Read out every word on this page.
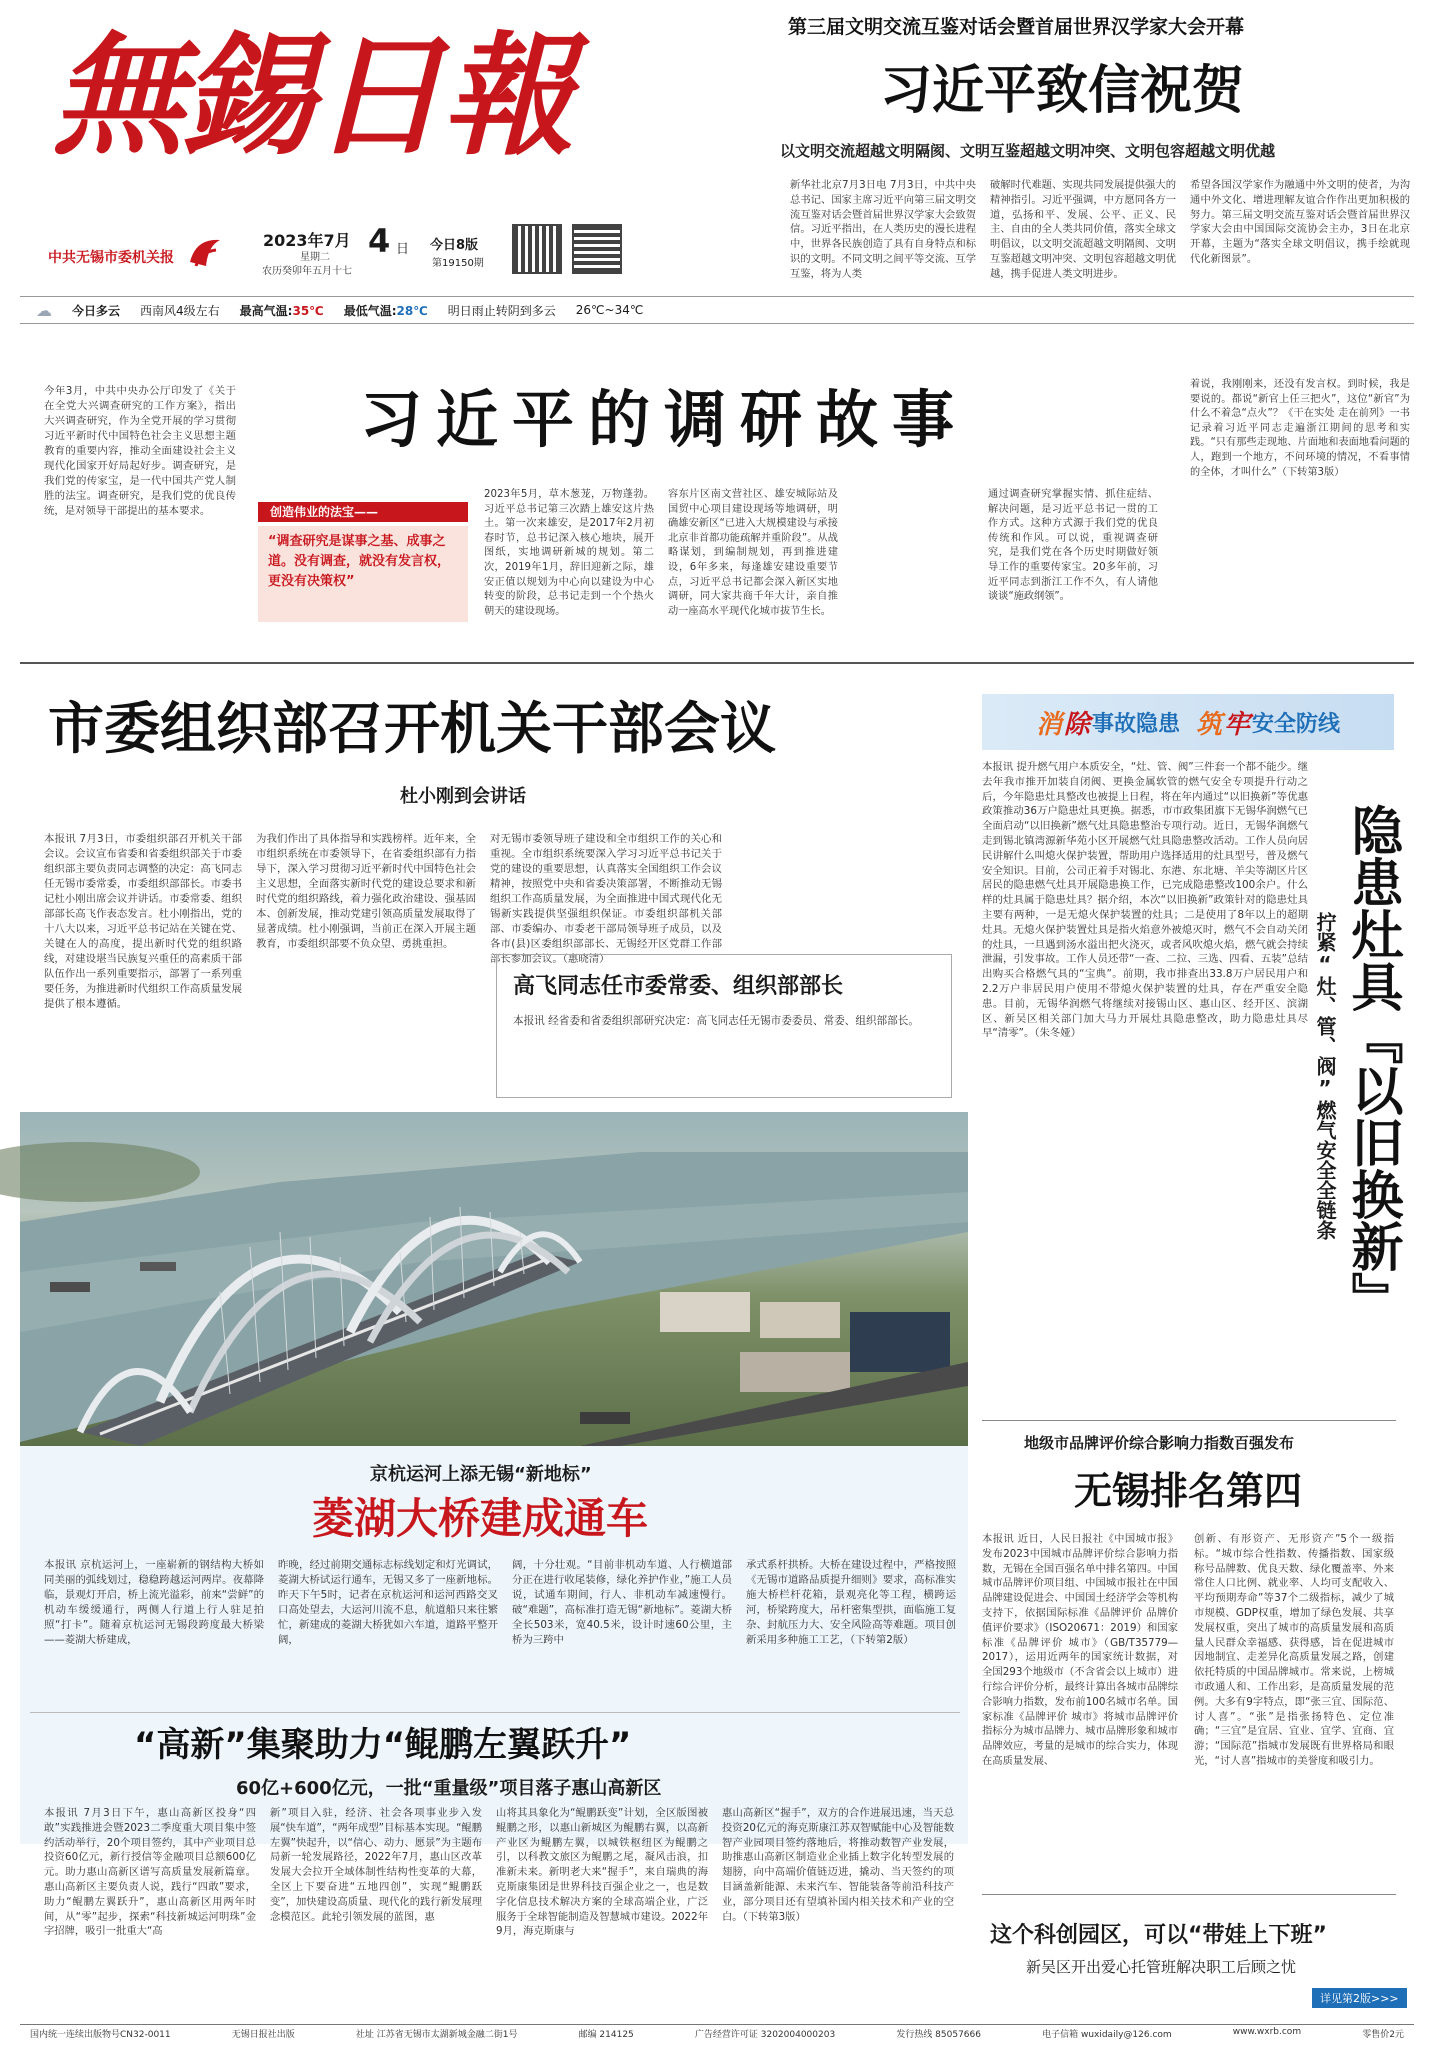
無錫日報
中共无锡市委机关报
2023年7月 4 日
星期二
农历癸卯年五月十七
今日8版
第19150期
第三届文明交流互鉴对话会暨首届世界汉学家大会开幕
习近平致信祝贺
以文明交流超越文明隔阂、文明互鉴超越文明冲突、文明包容超越文明优越
新华社北京7月3日电 7月3日，中共中央总书记、国家主席习近平向第三届文明交流互鉴对话会暨首届世界汉学家大会致贺信。习近平指出，在人类历史的漫长进程中，世界各民族创造了具有自身特点和标识的文明。不同文明之间平等交流、互学互鉴，将为人类
破解时代难题、实现共同发展提供强大的精神指引。习近平强调，中方愿同各方一道，弘扬和平、发展、公平、正义、民主、自由的全人类共同价值，落实全球文明倡议，以文明交流超越文明隔阂、文明互鉴超越文明冲突、文明包容超越文明优越，携手促进人类文明进步。
希望各国汉学家作为融通中外文明的使者，为沟通中外文化、增进理解友谊合作作出更加积极的努力。第三届文明交流互鉴对话会暨首届世界汉学家大会由中国国际交流协会主办，3日在北京开幕，主题为“落实全球文明倡议，携手绘就现代化新图景”。
☁ 今日多云 西南风4级左右 最高气温:35℃ 最低气温:28℃ 明日雨止转阴到多云 26℃~34℃
今年3月，中共中央办公厅印发了《关于在全党大兴调查研究的工作方案》，指出大兴调查研究，作为全党开展的学习贯彻习近平新时代中国特色社会主义思想主题教育的重要内容，推动全面建设社会主义现代化国家开好局起好步。调查研究，是我们党的传家宝，是一代中国共产党人制胜的法宝。调查研究，是我们党的优良传统，是对领导干部提出的基本要求。
习近平的调研故事
创造伟业的法宝——
“调查研究是谋事之基、成事之道。没有调查，就没有发言权，更没有决策权”
2023年5月，草木葱茏，万物蓬勃。习近平总书记第三次踏上雄安这片热土。第一次来雄安，是2017年2月初春时节，总书记深入核心地块，展开图纸，实地调研新城的规划。第二次，2019年1月，辞旧迎新之际，雄安正值以规划为中心向以建设为中心转变的阶段，总书记走到一个个热火朝天的建设现场。
容东片区南文营社区、雄安城际站及国贸中心项目建设现场等地调研，明确雄安新区“已进入大规模建设与承接北京非首都功能疏解并重阶段”。从战略谋划，到编制规划，再到推进建设，6年多来，每逢雄安建设重要节点，习近平总书记都会深入新区实地调研，同大家共商千年大计，亲自推动一座高水平现代化城市拔节生长。
通过调查研究掌握实情、抓住症结、解决问题，是习近平总书记一贯的工作方式。这种方式源于我们党的优良传统和作风。可以说，重视调查研究，是我们党在各个历史时期做好领导工作的重要传家宝。20多年前，习近平同志到浙江工作不久，有人请他谈谈“施政纲领”。
着说，我刚刚来，还没有发言权。到时候，我是要说的。都说“新官上任三把火”，这位“新官”为什么不着急“点火”？《干在实处 走在前列》一书记录着习近平同志走遍浙江期间的思考和实践。“只有那些走现地、片面地和表面地看问题的人，跑到一个地方，不问环境的情况，不看事情的全体，才叫什么”（下转第3版）
市委组织部召开机关干部会议
杜小刚到会讲话
本报讯 7月3日，市委组织部召开机关干部会议。会议宣布省委和省委组织部关于市委组织部主要负责同志调整的决定：高飞同志任无锡市委常委，市委组织部部长。市委书记杜小刚出席会议并讲话。市委常委、组织部部长高飞作表态发言。杜小刚指出，党的十八大以来，习近平总书记站在关键在党、关键在人的高度，提出新时代党的组织路线，对建设堪当民族复兴重任的高素质干部队伍作出一系列重要指示，部署了一系列重要任务，为推进新时代组织工作高质量发展提供了根本遵循。
为我们作出了具体指导和实践榜样。近年来，全市组织系统在市委领导下，在省委组织部有力指导下，深入学习贯彻习近平新时代中国特色社会主义思想，全面落实新时代党的建设总要求和新时代党的组织路线，着力强化政治建设、强基固本、创新发展，推动党建引领高质量发展取得了显著成绩。杜小刚强调，当前正在深入开展主题教育，市委组织部要不负众望、勇挑重担。
对无锡市委领导班子建设和全市组织工作的关心和重视。全市组织系统要深入学习习近平总书记关于党的建设的重要思想，认真落实全国组织工作会议精神，按照党中央和省委决策部署，不断推动无锡组织工作高质量发展，为全面推进中国式现代化无锡新实践提供坚强组织保证。市委组织部机关部部、市委编办、市委老干部局领导班子成员，以及各市(县)区委组织部部长、无锡经开区党群工作部部长参加会议。（惠晓清）
高飞同志任市委常委、组织部部长
本报讯 经省委和省委组织部研究决定：高飞同志任无锡市委委员、常委、组织部部长。
京杭运河上添无锡“新地标”
菱湖大桥建成通车
本报讯 京杭运河上，一座崭新的钢结构大桥如同美丽的弧线划过，稳稳跨越运河两岸。夜幕降临，景观灯开启，桥上流光溢彩，前来“尝鲜”的机动车缓缓通行，两侧人行道上行人驻足拍照“打卡”。随着京杭运河无锡段跨度最大桥梁——菱湖大桥建成，
昨晚，经过前期交通标志标线划定和灯光调试，菱湖大桥试运行通车，无锡又多了一座新地标。昨天下午5时，记者在京杭运河和运河西路交叉口高处望去，大运河川流不息，航道船只来往繁忙，新建成的菱湖大桥犹如六车道，道路平整开阔，
阔，十分壮观。“目前非机动车道、人行横道部分正在进行收尾装修，绿化养护作业，”施工人员说，试通车期间，行人、非机动车减速慢行。破“难题”，高标准打造无锡“新地标”。菱湖大桥全长503米，宽40.5米，设计时速60公里，主桥为三跨中
承式系杆拱桥。大桥在建设过程中，严格按照《无锡市道路品质提升细则》要求，高标准实施大桥栏杆花箱，景观亮化等工程，横跨运河，桥梁跨度大，吊杆密集型拱，面临施工复杂、封航压力大、安全风险高等难题。项目创新采用多种施工工艺，（下转第2版）
“高新”集聚助力“鲲鹏左翼跃升”
60亿+600亿元，一批“重量级”项目落子惠山高新区
本报讯 7月3日下午，惠山高新区投身“四敢”实践推进会暨2023二季度重大项目集中签约活动举行，20个项目签约，其中产业项目总投资60亿元，新行授信等金融项目总额600亿元。助力惠山高新区谱写高质量发展新篇章。惠山高新区主要负责人说，践行“四敢”要求，助力“鲲鹏左翼跃升”，惠山高新区用两年时间，从“零”起步，探索“科技新城运河明珠”金字招牌，吸引一批重大“高
新”项目入驻，经济、社会各项事业步入发展“快车道”，“两年成型”目标基本实现。“鲲鹏左翼”快起升，以“信心、动力、愿景”为主题布局新一轮发展路径，2022年7月，惠山区改革发展大会拉开全域体制性结构性变革的大幕，全区上下要奋进“五地四创”，实现“鲲鹏跃变”，加快建设高质量、现代化的践行新发展理念模范区。此轮引领发展的蓝图，惠
山将其具象化为“鲲鹏跃变”计划，全区版图被鲲鹏之形，以惠山新城区为鲲鹏右翼，以高新产业区为鲲鹏左翼，以城铁枢纽区为鲲鹏之引，以科教文旅区为鲲鹏之尾，凝风击浪，扣准新未来。新明老大来“握手”，来自瑞典的海克斯康集团是世界科技百强企业之一，也是数字化信息技术解决方案的全球高端企业，广泛服务于全球智能制造及智慧城市建设。2022年9月，海克斯康与
惠山高新区“握手”，双方的合作进展迅速，当天总投资20亿元的海克斯康江苏双智赋能中心及智能数智产业园项目签约落地后，将推动数智产业发展，助推惠山高新区制造业企业插上数字化转型发展的翅膀，向中高端价值链迈进，撬动、当天签约的项目涵盖新能源、未来汽车、智能装备等前沿科技产业，部分项目还有望填补国内相关技术和产业的空白。（下转第3版）
消 除 事故隐患 筑 牢 安全防线
本报讯 提升燃气用户本质安全，“灶、管、阀”三件套一个都不能少。继去年我市推开加装自闭阀、更换金属软管的燃气安全专项提升行动之后，今年隐患灶具整改也被提上日程，将在年内通过“以旧换新”等优惠政策推动36万户隐患灶具更换。据悉，市市政集团旗下无锡华润燃气已全面启动“以旧换新”燃气灶具隐患整治专项行动。近日，无锡华润燃气走到锡北镇湾源新华苑小区开展燃气灶具隐患整改活动。工作人员向居民讲解什么叫熄火保护装置，帮助用户选择适用的灶具型号，普及燃气安全知识。目前，公司正着手对锡北、东港、东北塘、羊尖等湖区片区居民的隐患燃气灶具开展隐患换工作，已完成隐患整改100余户。什么样的灶具属于隐患灶具？据介绍，本次“以旧换新”政策针对的隐患灶具主要有两种，一是无熄火保护装置的灶具；二是使用了8年以上的超期灶具。无熄火保护装置灶具是指火焰意外被熄灭时，燃气不会自动关闭的灶具，一旦遇到汤水溢出把火浇灭，或者风吹熄火焰，燃气就会持续泄漏，引发事故。工作人员还带“一查、二拉、三选、四看、五装”总结出购买合格燃气具的“宝典”。前期，我市排查出33.8万户居民用户和2.2万户非居民用户使用不带熄火保护装置的灶具，存在严重安全隐患。目前，无锡华润燃气将继续对接锡山区、惠山区、经开区、滨湖区、新吴区相关部门加大马力开展灶具隐患整改，助力隐患灶具尽早“清零”。（朱冬娅）	隐患灶具『以旧换新』
拧紧“灶、管、阀”燃气安全全链条
地级市品牌评价综合影响力指数百强发布
无锡排名第四
本报讯 近日，人民日报社《中国城市报》发布2023中国城市品牌评价综合影响力指数，无锡在全国百强名单中排名第四。中国城市品牌评价项目组、中国城市报社在中国品牌建设促进会、中国国土经济学会等机构支持下，依据国际标准《品牌评价 品牌价值评价要求》（ISO20671：2019）和国家标准《品牌评价 城市》（GB/T35779—2017），运用近两年的国家统计数据，对全国293个地级市（不含省会以上城市）进行综合评价分析，最终计算出各城市品牌综合影响力指数，发布前100名城市名单。国家标准《品牌评价 城市》将城市品牌评价指标分为城市品牌力、城市品牌形象和城市品牌效应，考量的是城市的综合实力，体现在高质量发展、
创新、有形资产、无形资产”5个一级指标。“城市综合性指数、传播指数、国家级称号品牌数、优良天数、绿化覆盖率、外来常住人口比例、就业率、人均可支配收入、平均预期寿命”等37个二级指标，减少了城市规模、GDP权重，增加了绿色发展、共享发展权重，突出了城市的高质量发展和高质量人民群众幸福感、获得感，旨在促进城市因地制宜、走差异化高质量发展之路，创建依托特质的中国品牌城市。常来说，上榜城市政通人和、工作出彩，是高质量发展的范例。大多有9字特点，即“张三宜、国际范、讨人喜”。“张”是指张扬特色、定位准确；“三宜”是宜居、宜业、宜学、宜商、宜游；“国际范”指城市发展既有世界格局和眼光，“讨人喜”指城市的美誉度和吸引力。
这个科创园区，可以“带娃上下班”
新吴区开出爱心托管班解决职工后顾之忧
详见第2版>>>
国内统一连续出版物号CN32-0011	无锡日报社出版	社址 江苏省无锡市太湖新城金融二街1号	邮编 214125	广告经营许可证 3202004000203	发行热线 85057666	电子信箱 wuxidaily@126.com	www.wxrb.com	零售价2元
